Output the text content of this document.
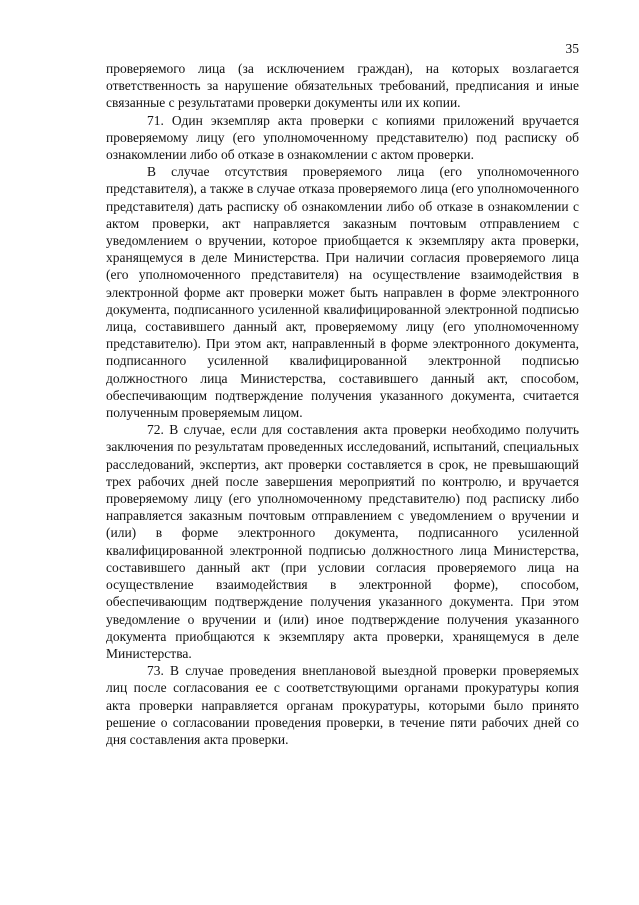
35

проверяемого лица (за исключением граждан), на которых возлагается ответственность за нарушение обязательных требований, предписания и иные связанные с результатами проверки документы или их копии.

71. Один экземпляр акта проверки с копиями приложений вручается проверяемому лицу (его уполномоченному представителю) под расписку об ознакомлении либо об отказе в ознакомлении с актом проверки.

В случае отсутствия проверяемого лица (его уполномоченного представителя), а также в случае отказа проверяемого лица (его уполномоченного представителя) дать расписку об ознакомлении либо об отказе в ознакомлении с актом проверки, акт направляется заказным почтовым отправлением с уведомлением о вручении, которое приобщается к экземпляру акта проверки, хранящемуся в деле Министерства. При наличии согласия проверяемого лица (его уполномоченного представителя) на осуществление взаимодействия в электронной форме акт проверки может быть направлен в форме электронного документа, подписанного усиленной квалифицированной электронной подписью лица, составившего данный акт, проверяемому лицу (его уполномоченному представителю). При этом акт, направленный в форме электронного документа, подписанного усиленной квалифицированной электронной подписью должностного лица Министерства, составившего данный акт, способом, обеспечивающим подтверждение получения указанного документа, считается полученным проверяемым лицом.

72. В случае, если для составления акта проверки необходимо получить заключения по результатам проведенных исследований, испытаний, специальных расследований, экспертиз, акт проверки составляется в срок, не превышающий трех рабочих дней после завершения мероприятий по контролю, и вручается проверяемому лицу (его уполномоченному представителю) под расписку либо направляется заказным почтовым отправлением с уведомлением о вручении и (или) в форме электронного документа, подписанного усиленной квалифицированной электронной подписью должностного лица Министерства, составившего данный акт (при условии согласия проверяемого лица на осуществление взаимодействия в электронной форме), способом, обеспечивающим подтверждение получения указанного документа. При этом уведомление о вручении и (или) иное подтверждение получения указанного документа приобщаются к экземпляру акта проверки, хранящемуся в деле Министерства.

73. В случае проведения внеплановой выездной проверки проверяемых лиц после согласования ее с соответствующими органами прокуратуры копия акта проверки направляется органам прокуратуры, которыми было принято решение о согласовании проведения проверки, в течение пяти рабочих дней со дня составления акта проверки.
